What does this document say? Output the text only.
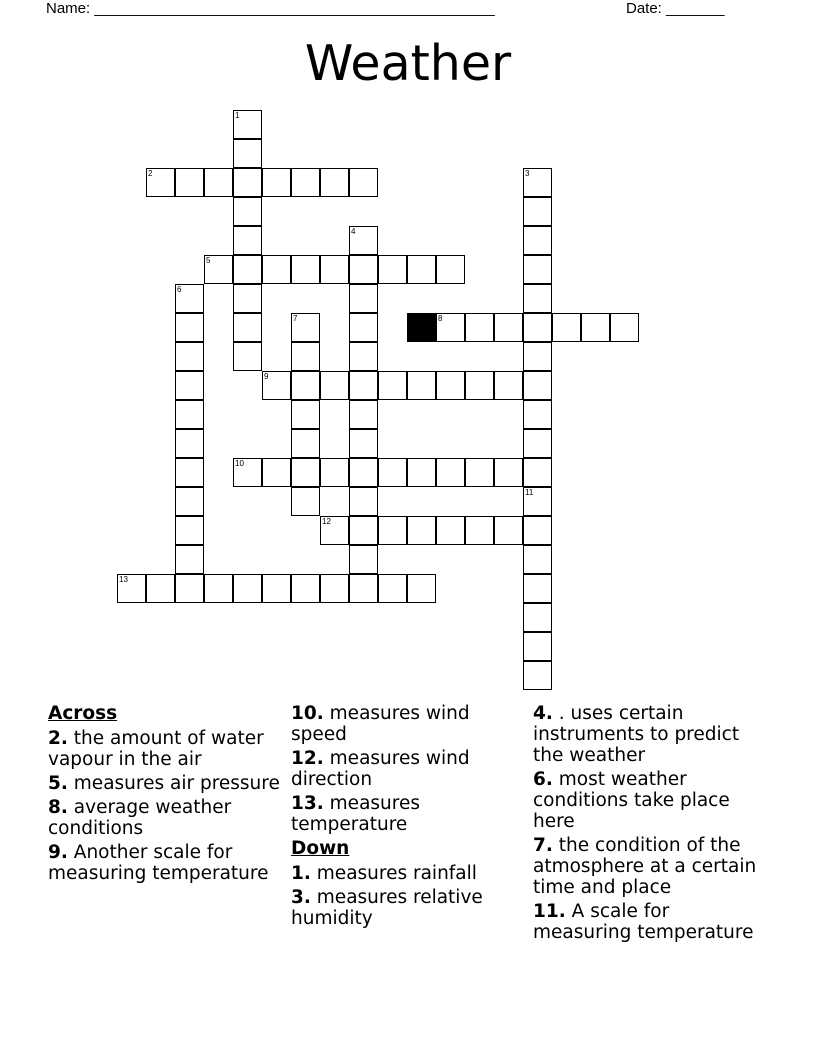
Name: ________________________________________________	Date: _______
Weather
1
2	3
4
5
6
7	8
9
10
11
12
13
Across
2. the amount of water vapour in the air
5. measures air pressure
8. average weather conditions
9. Another scale for measuring temperature
10. measures wind speed
12. measures wind direction
13. measures temperature
Down
1. measures rainfall
3. measures relative humidity
4. . uses certain instruments to predict the weather
6. most weather conditions take place here
7. the condition of the atmosphere at a certain time and place
11. A scale for measuring temperature
